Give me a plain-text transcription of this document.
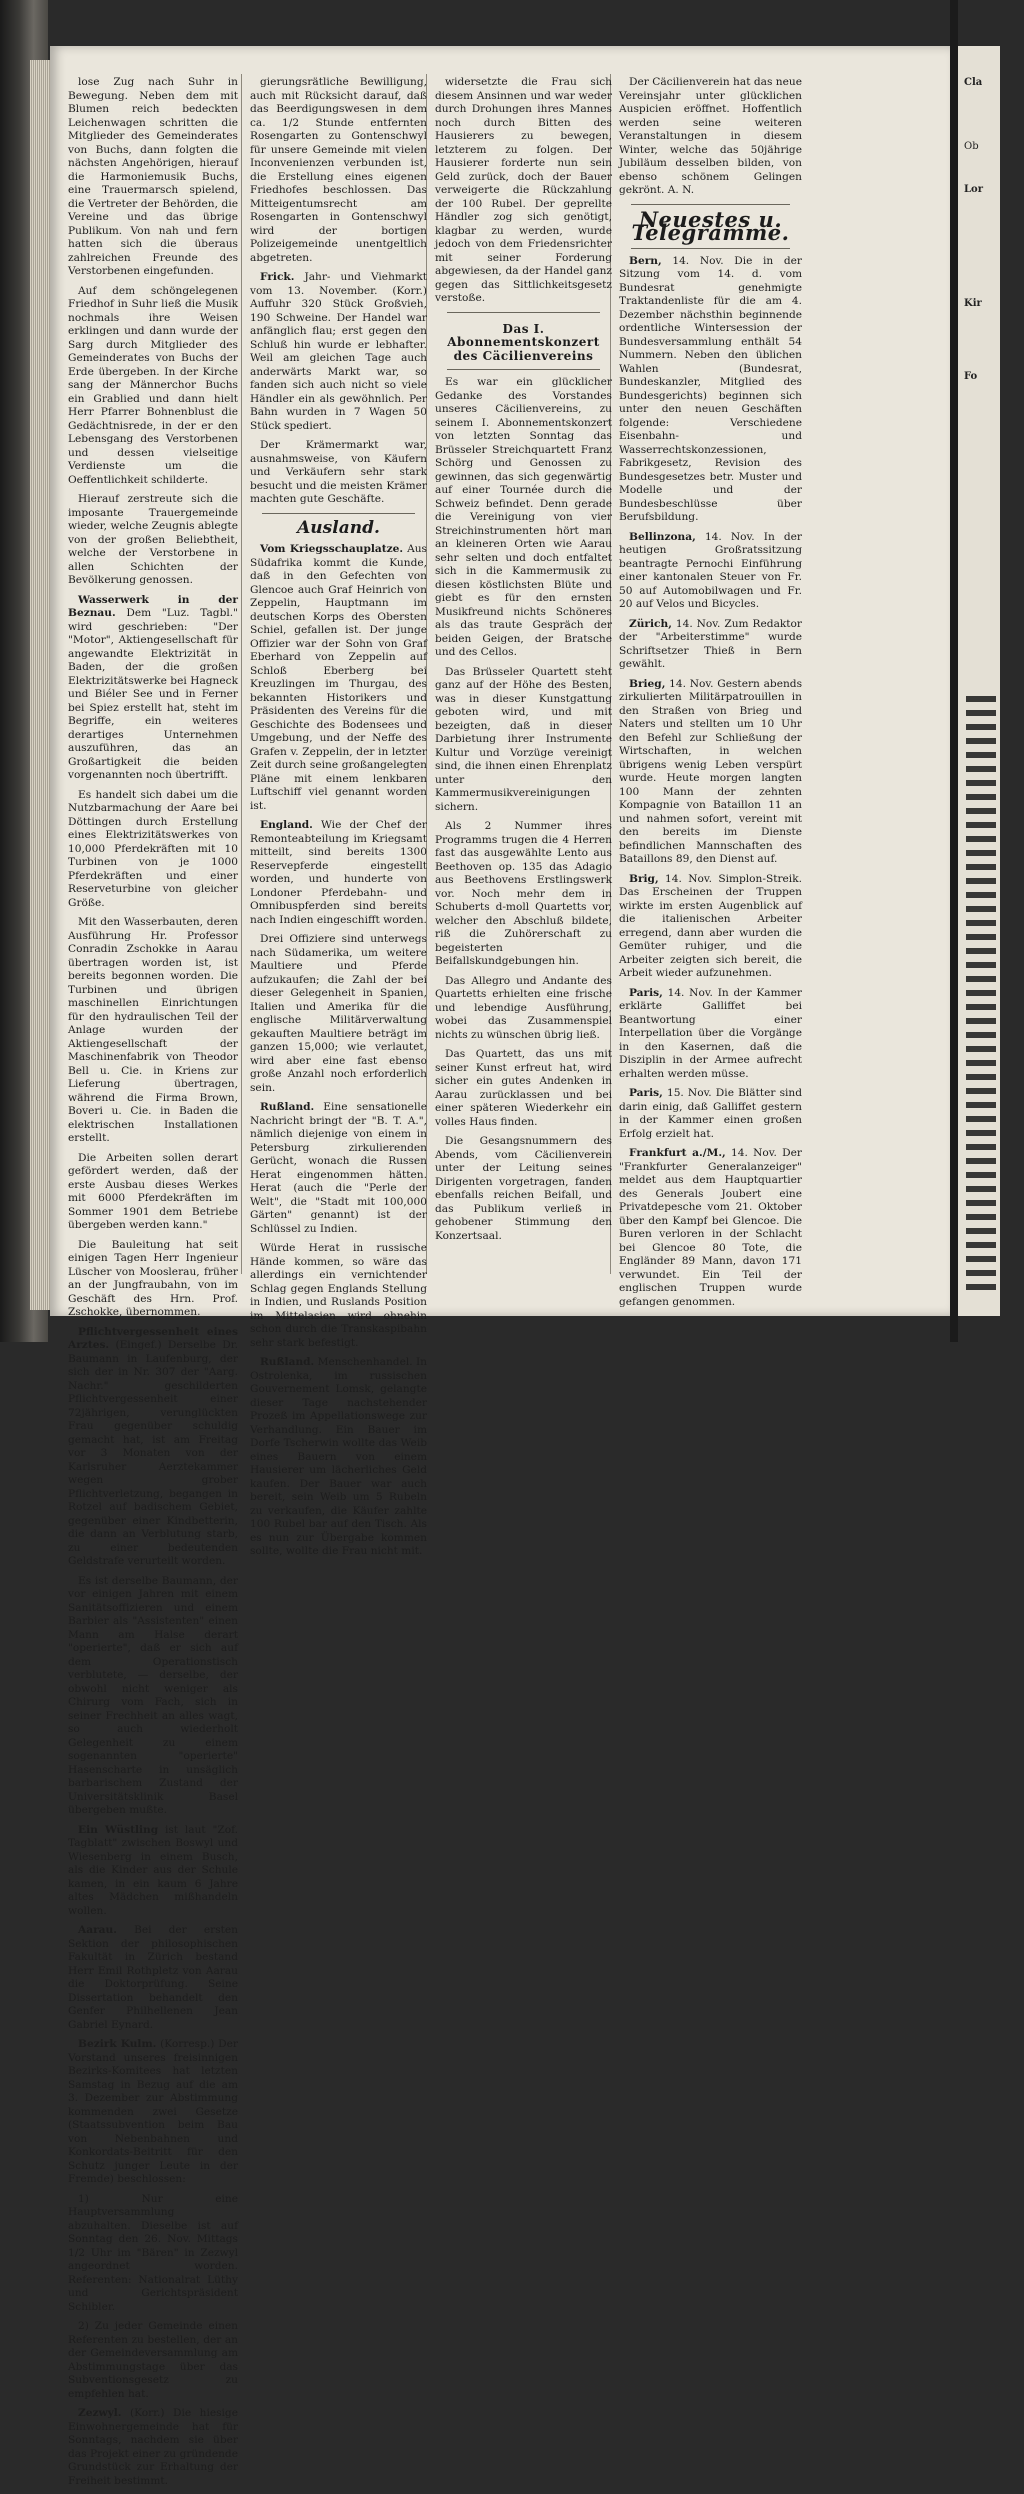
lose Zug nach Suhr in Bewegung. Neben dem mit Blumen reich bedeckten Leichenwagen schritten die Mitglieder des Gemeinderates von Buchs, dann folgten die nächsten Angehörigen, hierauf die Harmoniemusik Buchs, eine Trauermarsch spielend, die Vertreter der Behörden, die Vereine und das übrige Publikum. Von nah und fern hatten sich die überaus zahlreichen Freunde des Verstorbenen eingefunden.

Auf dem schöngelegenen Friedhof in Suhr ließ die Musik nochmals ihre Weisen erklingen und dann wurde der Sarg durch Mitglieder des Gemeinderates von Buchs der Erde übergeben. In der Kirche sang der Männerchor Buchs ein Grablied und dann hielt Herr Pfarrer Bohnenblust die Gedächtnisrede, in der er den Lebensgang des Verstorbenen und dessen vielseitige Verdienste um die Oeffentlichkeit schilderte.

Hierauf zerstreute sich die imposante Trauergemeinde wieder, welche Zeugnis ablegte von der großen Beliebtheit, welche der Verstorbene in allen Schichten der Bevölkerung genossen.

Wasserwerk in der Beznau. Dem "Luz. Tagbl." wird geschrieben: "Der "Motor", Aktiengesellschaft für angewandte Elektrizität in Baden, der die großen Elektrizitätswerke bei Hagneck und Biéler See und in Ferner bei Spiez erstellt hat, steht im Begriffe, ein weiteres derartiges Unternehmen auszuführen, das an Großartigkeit die beiden vorgenannten noch übertrifft.

Es handelt sich dabei um die Nutzbarmachung der Aare bei Döttingen durch Erstellung eines Elektrizitätswerkes von 10,000 Pferdekräften mit 10 Turbinen von je 1000 Pferdekräften und einer Reserveturbine von gleicher Größe.

Mit den Wasserbauten, deren Ausführung Hr. Professor Conradin Zschokke in Aarau übertragen worden ist, ist bereits begonnen worden. Die Turbinen und übrigen maschinellen Einrichtungen für den hydraulischen Teil der Anlage wurden der Aktiengesellschaft der Maschinenfabrik von Theodor Bell u. Cie. in Kriens zur Lieferung übertragen, während die Firma Brown, Boveri u. Cie. in Baden die elektrischen Installationen erstellt.

Die Arbeiten sollen derart gefördert werden, daß der erste Ausbau dieses Werkes mit 6000 Pferdekräften im Sommer 1901 dem Betriebe übergeben werden kann."

Die Bauleitung hat seit einigen Tagen Herr Ingenieur Lüscher von Mooslerau, früher an der Jungfraubahn, von im Geschäft des Hrn. Prof. Zschokke, übernommen.

Pflichtvergessenheit eines Arztes. (Eingef.) Derselbe Dr. Baumann in Laufenburg, der sich der in Nr. 307 der "Aarg. Nachr." geschilderten Pflichtvergessenheit einer 72jährigen, verunglückten Frau gegenüber schuldig gemacht hat, ist am Freitag vor 3 Monaten von der Karlsruher Aerztekammer wegen grober Pflichtverletzung, begangen in Rotzel auf badischem Gebiet, gegenüber einer Kindbetterin, die dann an Verblutung starb, zu einer bedeutenden Geldstrafe verurteilt worden.

Es ist derselbe Baumann, der vor einigen Jahren mit einem Sanitätsoffizieren und einem Barbier als "Assistenten" einen Mann am Halse derart "operierte", daß er sich auf dem Operationstisch verblutete, — derselbe, der obwohl nicht weniger als Chirurg vom Fach, sich in seiner Frechheit an alles wagt, so auch wiederholt Gelegenheit zu einem sogenannten "operierte" Hasenscharte in unsäglich barbarischem Zustand der Universitätsklinik Basel übergeben mußte.

Ein Wüstling ist laut "Zof. Tagblatt" zwischen Boswyl und Wiesenberg in einem Busch, als die Kinder aus der Schule kamen, in ein kaum 6 Jahre altes Mädchen mißhandeln wollen.

Aarau. Bei der ersten Sektion der philosophischen Fakultät in Zürich bestand Herr Emil Rothpletz von Aarau die Doktorprüfung. Seine Dissertation behandelt den Genfer Philhellenen Jean Gabriel Eynard.

Bezirk Kulm. (Korresp.) Der Vorstand unseres freisinnigen Bezirks-Komitees hat letzten Samstag in Bezug auf die am 3. Dezember zur Abstimmung kommenden zwei Gesetze (Staatssubvention beim Bau von Nebenbahnen und Konkordats-Beitritt für den Schutz junger Leute in der Fremde) beschlossen:

1) Nur eine Hauptversammlung abzuhalten. Dieselbe ist auf Sonntag den 26. Nov. Mittags 1/2 Uhr im "Bären" in Zezwyl angeordnet worden. Referenten: Nationalrat Lüthy und Gerichtspräsident Schibler.

2) Zu jeder Gemeinde einen Referenten zu bestellen, der an der Gemeindeversammlung am Abstimmungstage über das Subventionsgesetz zu empfehlen hat.

Zezwyl. (Korr.) Die hiesige Einwohnergemeinde hat für Sonntags, nachdem sie über das Projekt einer zu gründende Grundstück zur Erhaltung der Freiheit bestimmt.

gierungsrätliche Bewilligung, auch mit Rücksicht darauf, daß das Beerdigungswesen in dem ca. 1/2 Stunde entfernten Rosengarten zu Gontenschwyl für unsere Gemeinde mit vielen Inconvenienzen verbunden ist, die Erstellung eines eigenen Friedhofes beschlossen. Das Mitteigentumsrecht am Rosengarten in Gontenschwyl wird der bortigen Polizeigemeinde unentgeltlich abgetreten.

Frick. Jahr- und Viehmarkt vom 13. November. (Korr.) Auffuhr 320 Stück Großvieh, 190 Schweine. Der Handel war anfänglich flau; erst gegen den Schluß hin wurde er lebhafter. Weil am gleichen Tage auch anderwärts Markt war, so fanden sich auch nicht so viele Händler ein als gewöhnlich. Per Bahn wurden in 7 Wagen 50 Stück spediert.

Der Krämermarkt war, ausnahmsweise, von Käufern und Verkäufern sehr stark besucht und die meisten Krämer machten gute Geschäfte.

Ausland.

Vom Kriegsschauplatze. Aus Südafrika kommt die Kunde, daß in den Gefechten von Glencoe auch Graf Heinrich von Zeppelin, Hauptmann im deutschen Korps des Obersten Schiel, gefallen ist. Der junge Offizier war der Sohn von Graf Eberhard von Zeppelin auf Schloß Eberberg bei Kreuzlingen im Thurgau, des bekannten Historikers und Präsidenten des Vereins für die Geschichte des Bodensees und Umgebung, und der Neffe des Grafen v. Zeppelin, der in letzter Zeit durch seine großangelegten Pläne mit einem lenkbaren Luftschiff viel genannt worden ist.

England. Wie der Chef der Remonteabteilung im Kriegsamt mitteilt, sind bereits 1300 Reservepferde eingestellt worden, und hunderte von Londoner Pferdebahn- und Omnibuspferden sind bereits nach Indien eingeschifft worden.

Drei Offiziere sind unterwegs nach Südamerika, um weitere Maultiere und Pferde aufzukaufen; die Zahl der bei dieser Gelegenheit in Spanien, Italien und Amerika für die englische Militärverwaltung gekauften Maultiere beträgt im ganzen 15,000; wie verlautet, wird aber eine fast ebenso große Anzahl noch erforderlich sein.

Rußland. Eine sensationelle Nachricht bringt der "B. T. A.", nämlich diejenige von einem in Petersburg zirkulierenden Gerücht, wonach die Russen Herat eingenommen hätten. Herat (auch die "Perle der Welt", die "Stadt mit 100,000 Gärten" genannt) ist der Schlüssel zu Indien.

Würde Herat in russische Hände kommen, so wäre das allerdings ein vernichtender Schlag gegen Englands Stellung in Indien, und Ruslands Position im Mittelasien wird ohnehin schon durch die Transkaspibahn sehr stark befestigt.

Rußland. Menschenhandel. In Ostrolenka, im russischen Gouvernement Lomsk, gelangte dieser Tage nachstehender Prozeß im Appellationswege zur Verhandlung. Ein Bauer im Dorfe Tscherwin wollte das Weib eines Bauern von einem Hausierer um lächerliches Geld kaufen. Der Bauer war auch bereit, sein Weib um 5 Rubeln zu verkaufen, die Käufer zahlte 100 Rubel bar auf den Tisch. Als es nun zur Übergabe kommen sollte, wollte die Frau nicht mit.

widersetzte die Frau sich diesem Ansinnen und war weder durch Drohungen ihres Mannes noch durch Bitten des Hausierers zu bewegen, letzterem zu folgen. Der Hausierer forderte nun sein Geld zurück, doch der Bauer verweigerte die Rückzahlung der 100 Rubel. Der geprellte Händler zog sich genötigt, klagbar zu werden, wurde jedoch von dem Friedensrichter mit seiner Forderung abgewiesen, da der Handel ganz gegen das Sittlichkeitsgesetz verstoße.

Das I. Abonnementskonzert des Cäcilienvereins

Es war ein glücklicher Gedanke des Vorstandes unseres Cäcilienvereins, zu seinem I. Abonnementskonzert von letzten Sonntag das Brüsseler Streichquartett Franz Schörg und Genossen zu gewinnen, das sich gegenwärtig auf einer Tournée durch die Schweiz befindet. Denn gerade die Vereinigung von vier Streichinstrumenten hört man an kleineren Orten wie Aarau sehr selten und doch entfaltet sich in die Kammermusik zu diesen köstlichsten Blüte und giebt es für den ernsten Musikfreund nichts Schöneres als das traute Gespräch der beiden Geigen, der Bratsche und des Cellos.

Das Brüsseler Quartett steht ganz auf der Höhe des Besten, was in dieser Kunstgattung geboten wird, und mit bezeigten, daß in dieser Darbietung ihrer Instrumente Kultur und Vorzüge vereinigt sind, die ihnen einen Ehrenplatz unter den Kammermusikvereinigungen sichern.

Als 2 Nummer ihres Programms trugen die 4 Herren fast das ausgewählte Lento aus Beethoven op. 135 das Adagio aus Beethovens Erstlingswerk vor. Noch mehr dem in Schuberts d-moll Quartetts vor, welcher den Abschluß bildete, riß die Zuhörerschaft zu begeisterten Beifallskundgebungen hin.

Das Allegro und Andante des Quartetts erhielten eine frische und lebendige Ausführung, wobei das Zusammenspiel nichts zu wünschen übrig ließ.

Das Quartett, das uns mit seiner Kunst erfreut hat, wird sicher ein gutes Andenken in Aarau zurücklassen und bei einer späteren Wiederkehr ein volles Haus finden.

Die Gesangsnummern des Abends, vom Cäcilienverein unter der Leitung seines Dirigenten vorgetragen, fanden ebenfalls reichen Beifall, und das Publikum verließ in gehobener Stimmung den Konzertsaal.

Der Cäcilienverein hat das neue Vereinsjahr unter glücklichen Auspicien eröffnet. Hoffentlich werden seine weiteren Veranstaltungen in diesem Winter, welche das 50jährige Jubiläum desselben bilden, von ebenso schönem Gelingen gekrönt. A. N.

Neuestes u. Telegramme.

Bern, 14. Nov. Die in der Sitzung vom 14. d. vom Bundesrat genehmigte Traktandenliste für die am 4. Dezember nächsthin beginnende ordentliche Wintersession der Bundesversammlung enthält 54 Nummern. Neben den üblichen Wahlen (Bundesrat, Bundeskanzler, Mitglied des Bundesgerichts) beginnen sich unter den neuen Geschäften folgende: Verschiedene Eisenbahn- und Wasserrechtskonzessionen, Fabrikgesetz, Revision des Bundesgesetzes betr. Muster und Modelle und der Bundesbeschlüsse über Berufsbildung.

Bellinzona, 14. Nov. In der heutigen Großratssitzung beantragte Pernochi Einführung einer kantonalen Steuer von Fr. 50 auf Automobilwagen und Fr. 20 auf Velos und Bicycles.

Zürich, 14. Nov. Zum Redaktor der "Arbeiterstimme" wurde Schriftsetzer Thieß in Bern gewählt.

Brieg, 14. Nov. Gestern abends zirkulierten Militärpatrouillen in den Straßen von Brieg und Naters und stellten um 10 Uhr den Befehl zur Schließung der Wirtschaften, in welchen übrigens wenig Leben verspürt wurde. Heute morgen langten 100 Mann der zehnten Kompagnie von Bataillon 11 an und nahmen sofort, vereint mit den bereits im Dienste befindlichen Mannschaften des Bataillons 89, den Dienst auf.

Brig, 14. Nov. Simplon-Streik. Das Erscheinen der Truppen wirkte im ersten Augenblick auf die italienischen Arbeiter erregend, dann aber wurden die Gemüter ruhiger, und die Arbeiter zeigten sich bereit, die Arbeit wieder aufzunehmen.

Paris, 14. Nov. In der Kammer erklärte Galliffet bei Beantwortung einer Interpellation über die Vorgänge in den Kasernen, daß die Disziplin in der Armee aufrecht erhalten werden müsse.

Paris, 15. Nov. Die Blätter sind darin einig, daß Galliffet gestern in der Kammer einen großen Erfolg erzielt hat.

Frankfurt a./M., 14. Nov. Der "Frankfurter Generalanzeiger" meldet aus dem Hauptquartier des Generals Joubert eine Privatdepesche vom 21. Oktober über den Kampf bei Glencoe. Die Buren verloren in der Schlacht bei Glencoe 80 Tote, die Engländer 89 Mann, davon 171 verwundet. Ein Teil der englischen Truppen wurde gefangen genommen.

Cla
Ob
Lor
Kir
Fo
